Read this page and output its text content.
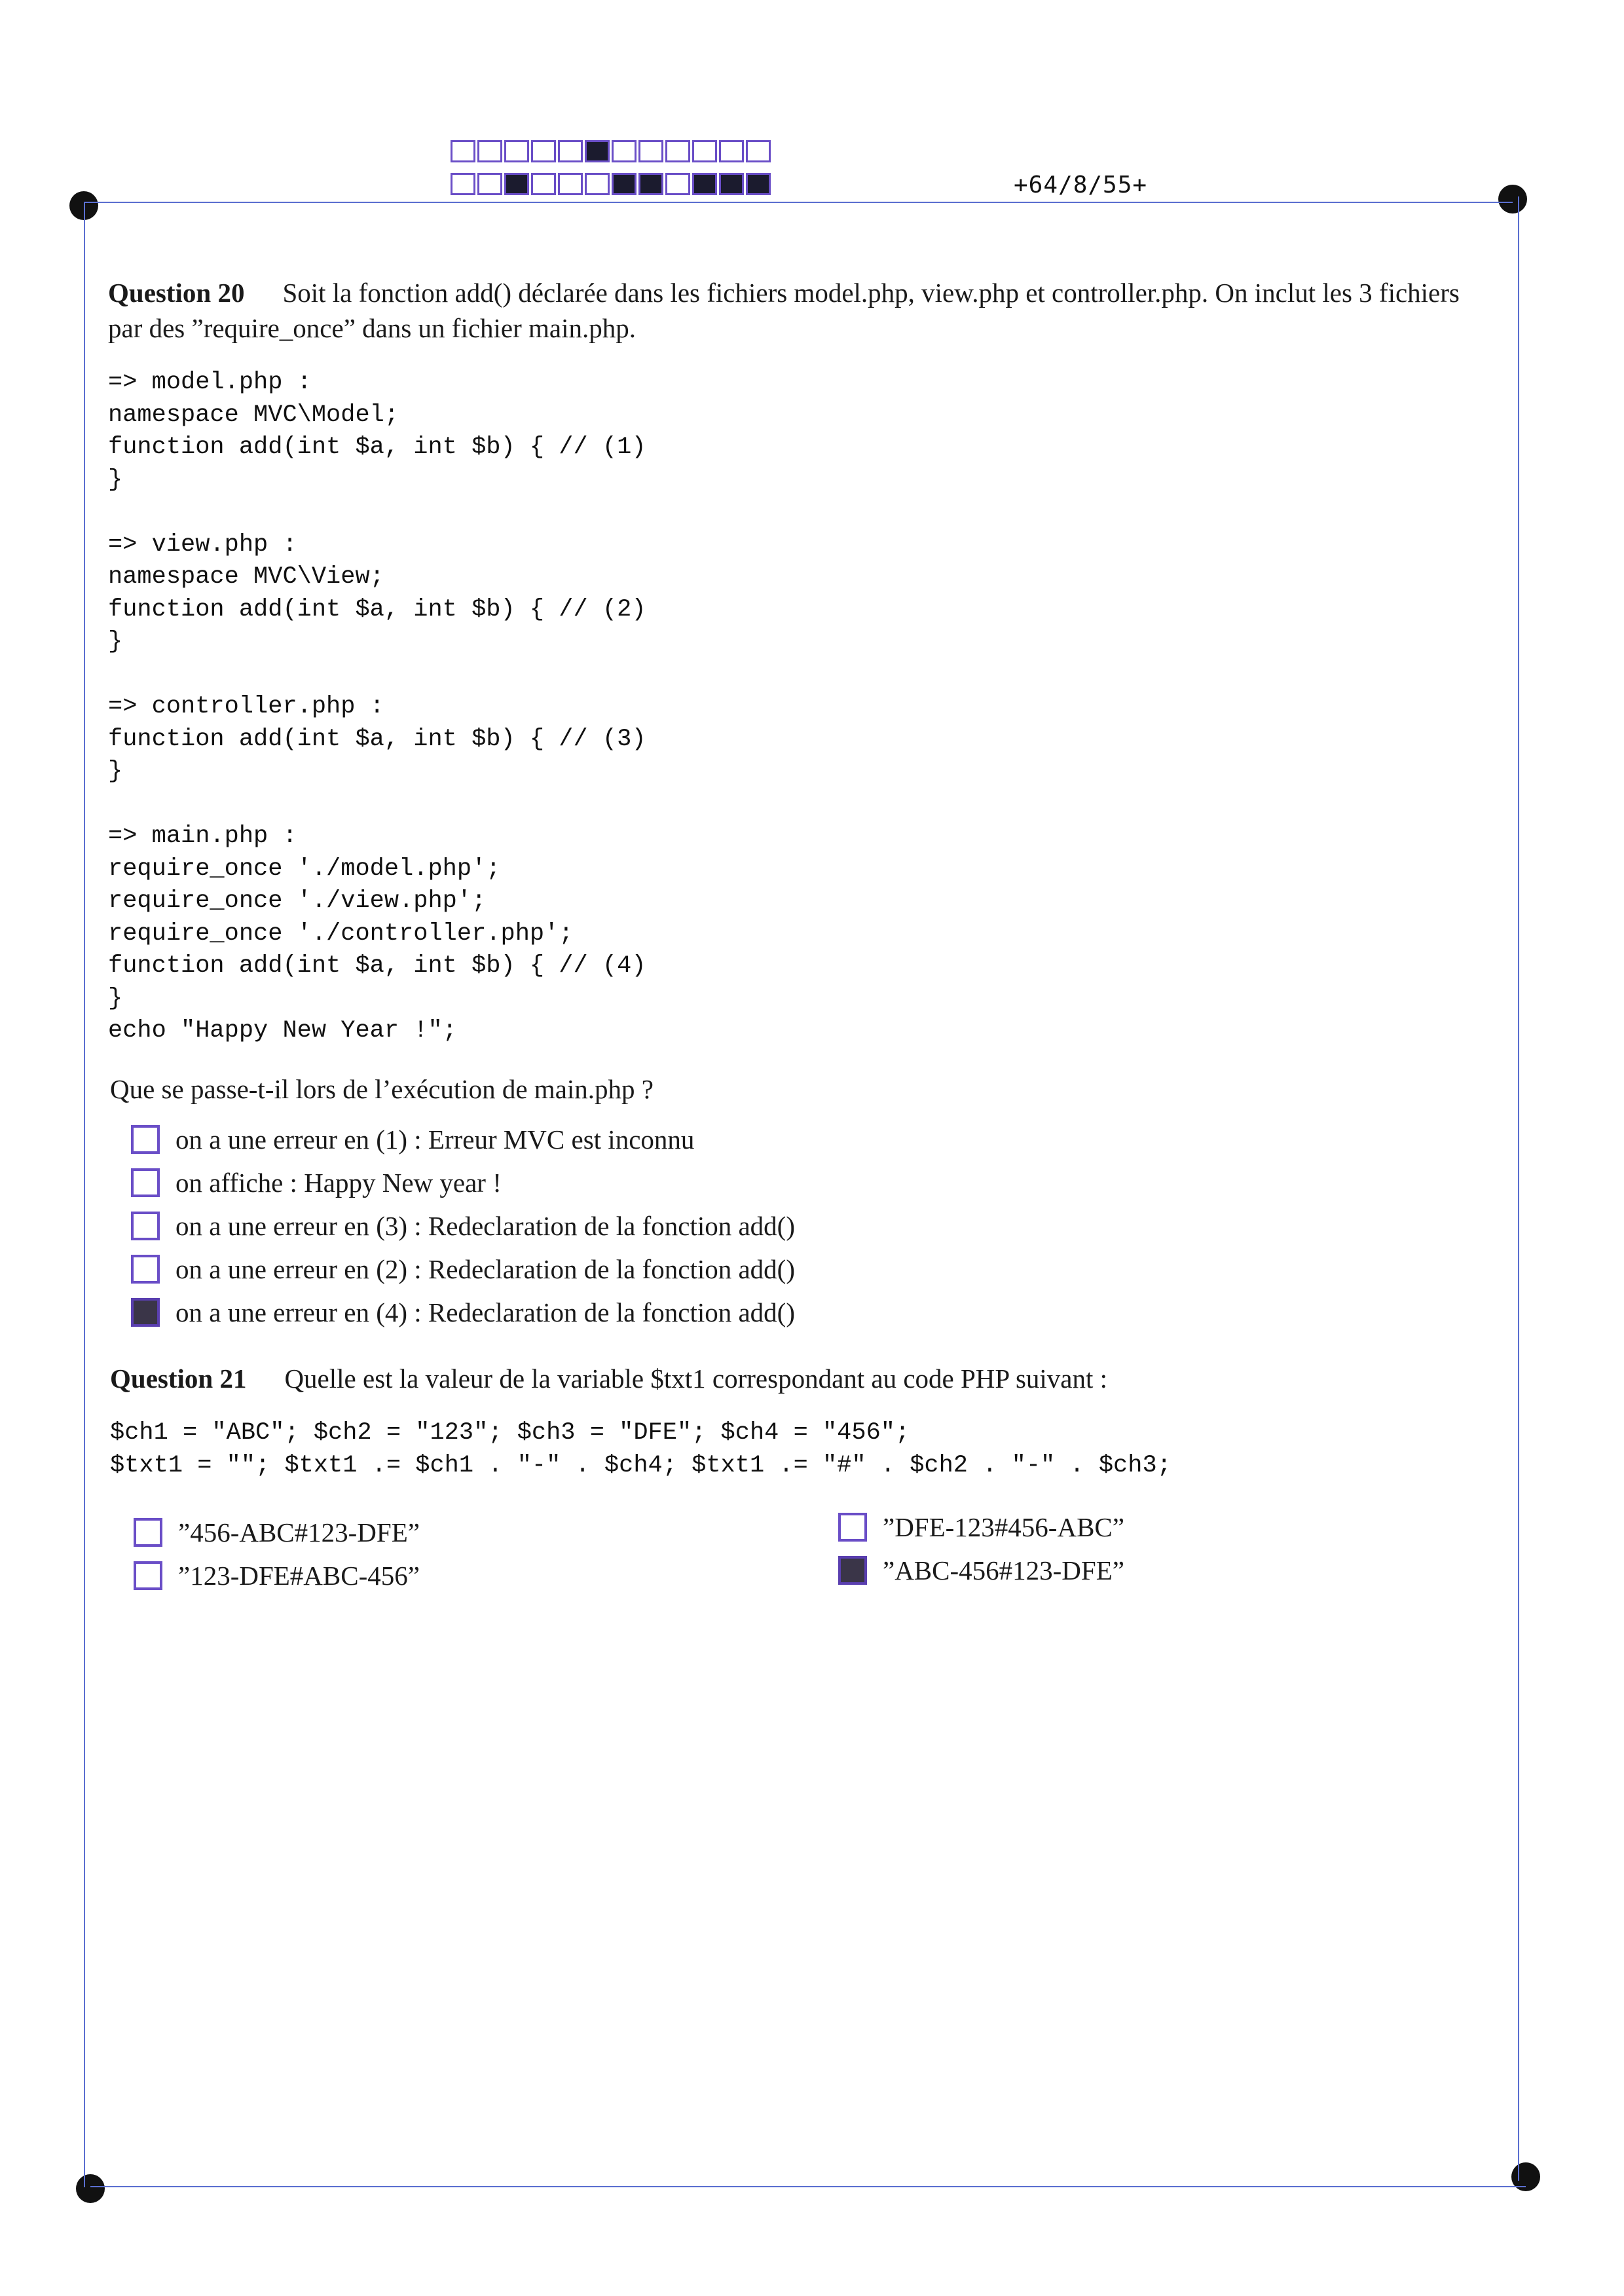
+64/8/55+
Question 20 Soit la fonction add() déclarée dans les fichiers model.php, view.php et controller.php. On inclut les 3 fichiers par des ”require_once” dans un fichier main.php.
=> model.php :
namespace MVC\Model;
function add(int $a, int $b) { // (1)
}

=> view.php :
namespace MVC\View;
function add(int $a, int $b) { // (2)
}

=> controller.php :
function add(int $a, int $b) { // (3)
}

=> main.php :
require_once './model.php';
require_once './view.php';
require_once './controller.php';
function add(int $a, int $b) { // (4)
}
echo "Happy New Year !";
Que se passe-t-il lors de l’exécution de main.php ?
on a une erreur en (1) : Erreur MVC est inconnu
on affiche : Happy New year !
on a une erreur en (3) : Redeclaration de la fonction add()
on a une erreur en (2) : Redeclaration de la fonction add()
on a une erreur en (4) : Redeclaration de la fonction add()
Question 21 Quelle est la valeur de la variable $txt1 correspondant au code PHP suivant :
$ch1 = "ABC"; $ch2 = "123"; $ch3 = "DFE"; $ch4 = "456";
$txt1 = ""; $txt1 .= $ch1 . "-" . $ch4; $txt1 .= "#" . $ch2 . "-" . $ch3;
”456-ABC#123-DFE”
”123-DFE#ABC-456”
”DFE-123#456-ABC”
”ABC-456#123-DFE”
